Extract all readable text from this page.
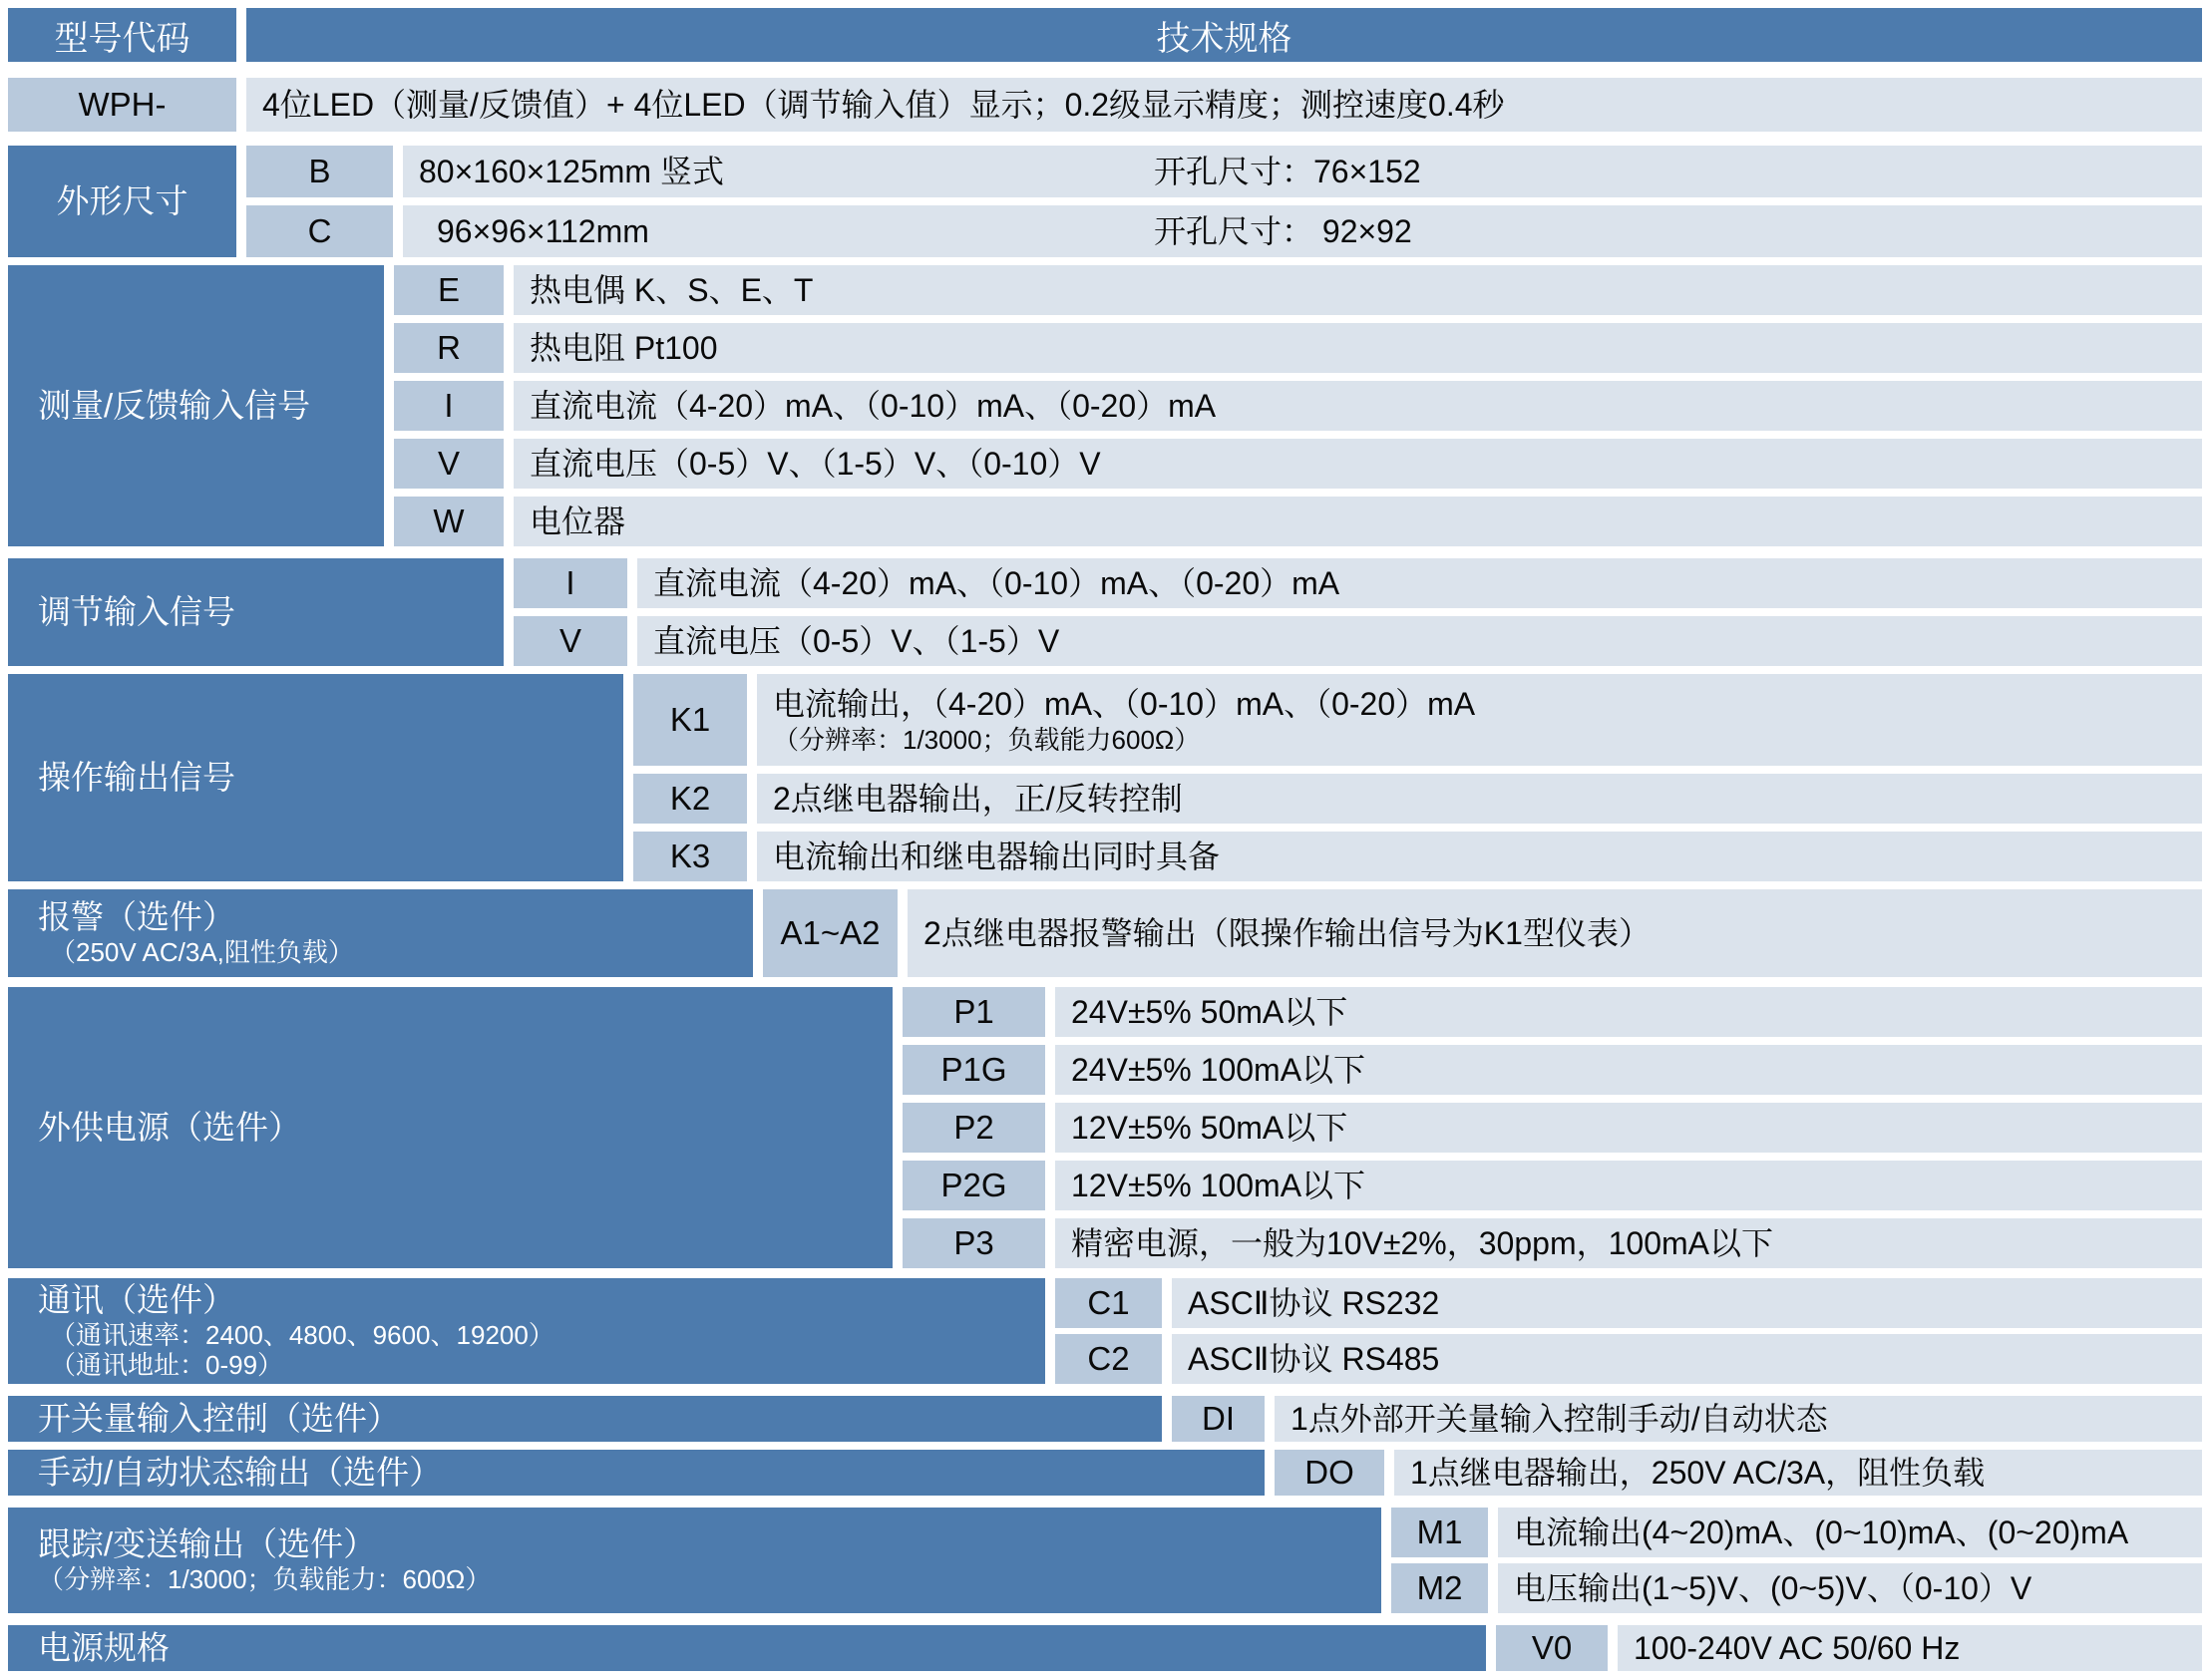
型号代码	技术规格
WPH-	4位LED（测量/反馈值）+ 4位LED（调节输入值）显示；0.2级显示精度；测控速度0.4秒
外形尺寸
B	80×160×125mm 竖式	开孔尺寸：76×152
C	96×96×112mm	开孔尺寸： 92×92
测量/反馈输入信号
E	热电偶 K、S、E、T
R	热电阻 Pt100
I	直流电流（4-20）mA、（0-10）mA、（0-20）mA
V	直流电压（0-5）V、（1-5）V、（0-10）V
W	电位器
调节输入信号
I	直流电流（4-20）mA、（0-10）mA、（0-20）mA
V	直流电压（0-5）V、（1-5）V
操作输出信号
K1	电流输出，（4-20）mA、（0-10）mA、（0-20）mA
（分辨率：1/3000；负载能力600Ω）
K2	2点继电器输出，正/反转控制
K3	电流输出和继电器输出同时具备
报警（选件）
（250V AC/3A,阻性负载）
A1~A2	2点继电器报警输出（限操作输出信号为K1型仪表）
外供电源（选件）
P1	24V±5% 50mA以下
P1G	24V±5% 100mA以下
P2	12V±5% 50mA以下
P2G	12V±5% 100mA以下
P3	精密电源，一般为10V±2%，30ppm，100mA以下
通讯（选件）
（通讯速率：2400、4800、9600、19200）
（通讯地址：0-99）
C1	ASCⅡ协议 RS232
C2	ASCⅡ协议 RS485
开关量输入控制（选件）	DI	1点外部开关量输入控制手动/自动状态
手动/自动状态输出（选件）	DO	1点继电器输出，250V AC/3A，阻性负载
跟踪/变送输出（选件）
（分辨率：1/3000；负载能力：600Ω）
M1	电流输出(4~20)mA、(0~10)mA、(0~20)mA
M2	电压输出(1~5)V、(0~5)V、（0-10）V
电源规格	V0	100-240V AC 50/60 Hz
